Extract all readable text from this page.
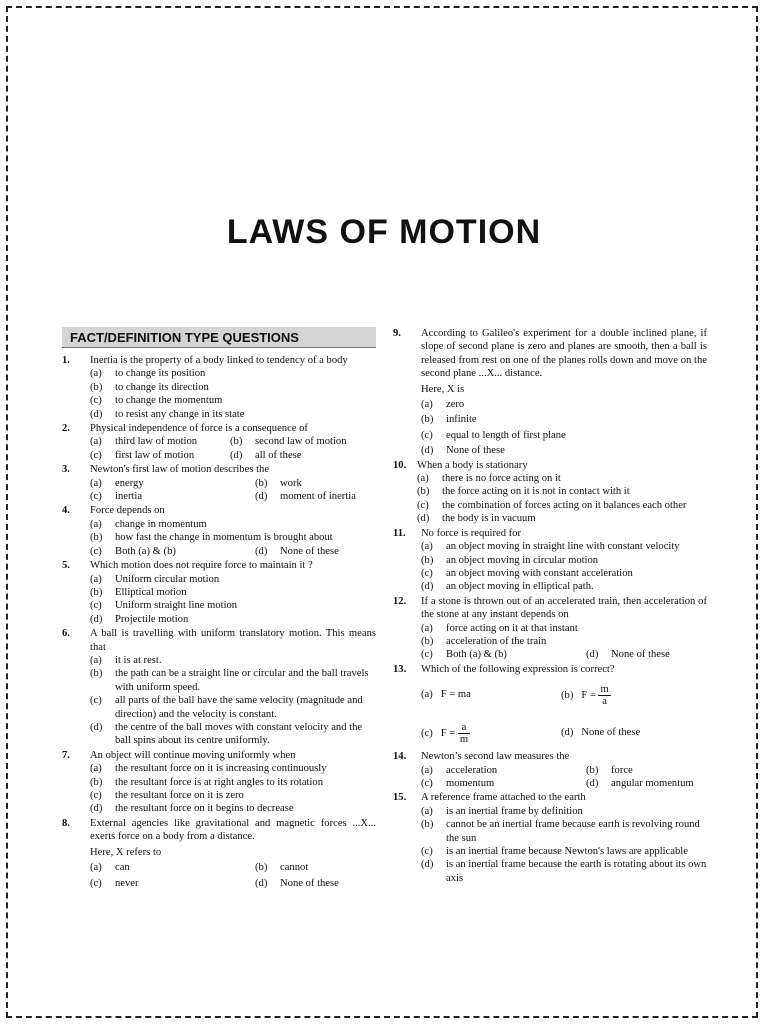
LAWS OF MOTION
FACT/DEFINITION TYPE QUESTIONS
1. Inertia is the property of a body linked to tendency of a body
(a) to change its position
(b) to change its direction
(c) to change the momentum
(d) to resist any change in its state
2. Physical independence of force is a consequence of
(a) third law of motion	(b) second law of motion
(c) first law of motion	(d) all of these
3. Newton's first law of motion describes the
(a) energy	(b) work
(c) inertia	(d) moment of inertia
4. Force depends on
(a) change in momentum
(b) how fast the change in momentum is brought about
(c) Both (a) & (b)	(d) None of these
5. Which motion does not require force to maintain it ?
(a) Uniform circular motion
(b) Elliptical motion
(c) Uniform straight line motion
(d) Projectile motion
6. A ball is travelling with uniform translatory motion. This means that
(a) it is at rest.
(b) the path can be a straight line or circular and the ball travels with uniform speed.
(c) all parts of the ball have the same velocity (magnitude and direction) and the velocity is constant.
(d) the centre of the ball moves with constant velocity and the ball spins about its centre uniformly.
7. An object will continue moving uniformly when
(a) the resultant force on it is increasing continuously
(b) the resultant force is at right angles to its rotation
(c) the resultant force on it is zero
(d) the resultant force on it begins to decrease
8. External agencies like gravitational and magnetic forces ...X... exerts force on a body from a distance.
Here, X refers to
(a) can	(b) cannot
(c) never	(d) None of these
9. According to Galileo's experiment for a double inclined plane, if slope of second plane is zero and planes are smooth, then a ball is released from rest on one of the planes rolls down and move on the second plane ...X... distance.
Here, X is
(a) zero
(b) infinite
(c) equal to length of first plane
(d) None of these
10. When a body is stationary
(a) there is no force acting on it
(b) the force acting on it is not in contact with it
(c) the combination of forces acting on it balances each other
(d) the body is in vacuum
11. No force is required for
(a) an object moving in straight line with constant velocity
(b) an object moving in circular motion
(c) an object moving with constant acceleration
(d) an object moving in elliptical path.
12. If a stone is thrown out of an accelerated train, then acceleration of the stone at any instant depends on
(a) force acting on it at that instant
(b) acceleration of the train
(c) Both (a) & (b)	(d) None of these
13. Which of the following expression is correct?
(a) F = ma	(b) $F = \frac{m}{a}$
(c) $F = \frac{a}{m}$	(d) None of these
14. Newton’s second law measures the
(a) acceleration	(b) force
(c) momentum	(d) angular momentum
15. A reference frame attached to the earth
(a) is an inertial frame by definition
(b) cannot be an inertial frame because earth is revolving round the sun
(c) is an inertial frame because Newton's laws are applicable
(d) is an inertial frame because the earth is rotating about its own axis
